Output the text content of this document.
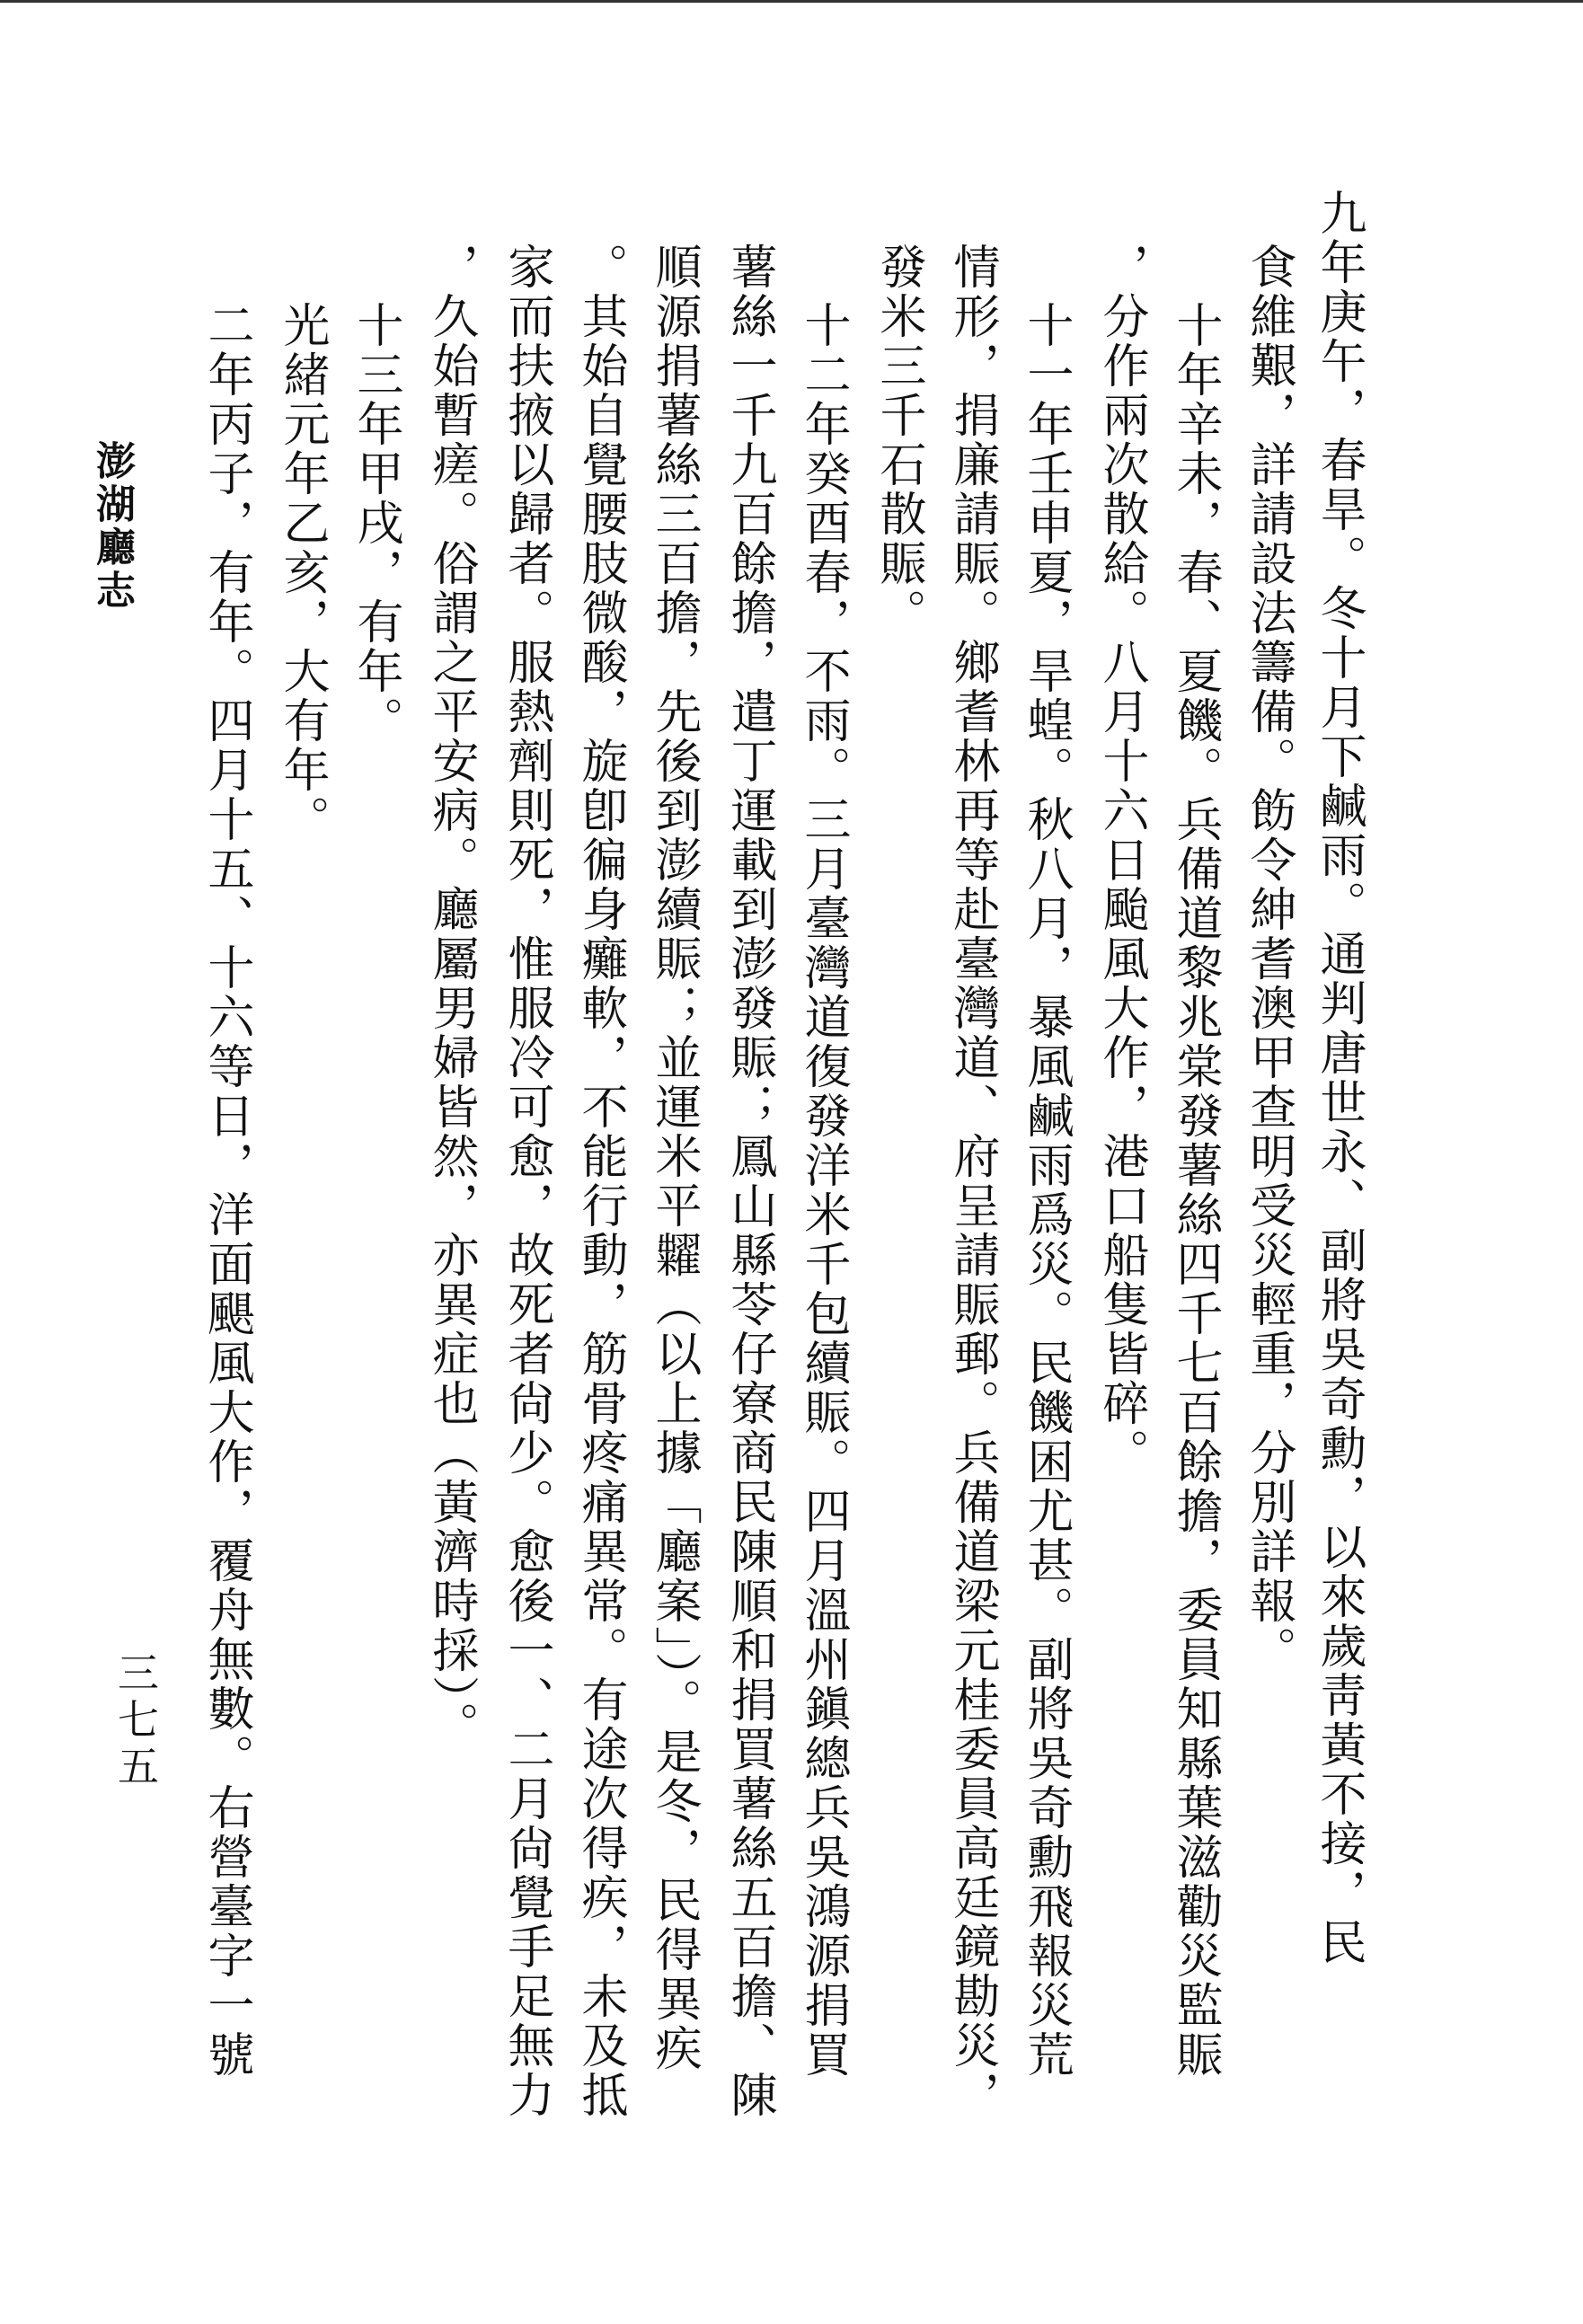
九年庚午，春旱。冬十月下鹹雨。通判唐世永、副將吳奇勳，以來歲靑黃不接，民
食維艱，詳請設法籌備。飭令紳耆澳甲查明受災輕重，分別詳報。
十年辛未，春、夏饑。兵備道黎兆棠發薯絲四千七百餘擔，委員知縣葉滋勸災監賑
，分作兩次散給。八月十六日颱風大作，港口船隻皆碎。
十一年壬申夏，旱蝗。秋八月，暴風鹹雨爲災。民饑困尤甚。副將吳奇勳飛報災荒
情形，捐廉請賑。鄉耆林再等赴臺灣道、府呈請賑郵。兵備道梁元桂委員高廷鏡勘災，
發米三千石散賑。
十二年癸酉春，不雨。三月臺灣道復發洋米千包續賑。四月溫州鎭總兵吳鴻源捐買
薯絲一千九百餘擔，遣丁運載到澎發賑；鳳山縣苓仔寮商民陳順和捐買薯絲五百擔、陳
順源捐薯絲三百擔，先後到澎續賑；並運米平糶（以上據「廳案」）。是冬，民得異疾
。其始自覺腰肢微酸，旋卽徧身癱軟，不能行動，筋骨疼痛異常。有途次得疾，未及抵
家而扶掖以歸者。服熱劑則死，惟服冷可愈，故死者尙少。愈後一、二月尙覺手足無力
，久始暫瘥。俗謂之平安病。廳屬男婦皆然，亦異症也（黃濟時採）。
十三年甲戌，有年。
光緒元年乙亥，大有年。
二年丙子，有年。四月十五、十六等日，洋面颶風大作，覆舟無數。右營臺字一號
澎湖廳志
三七五
